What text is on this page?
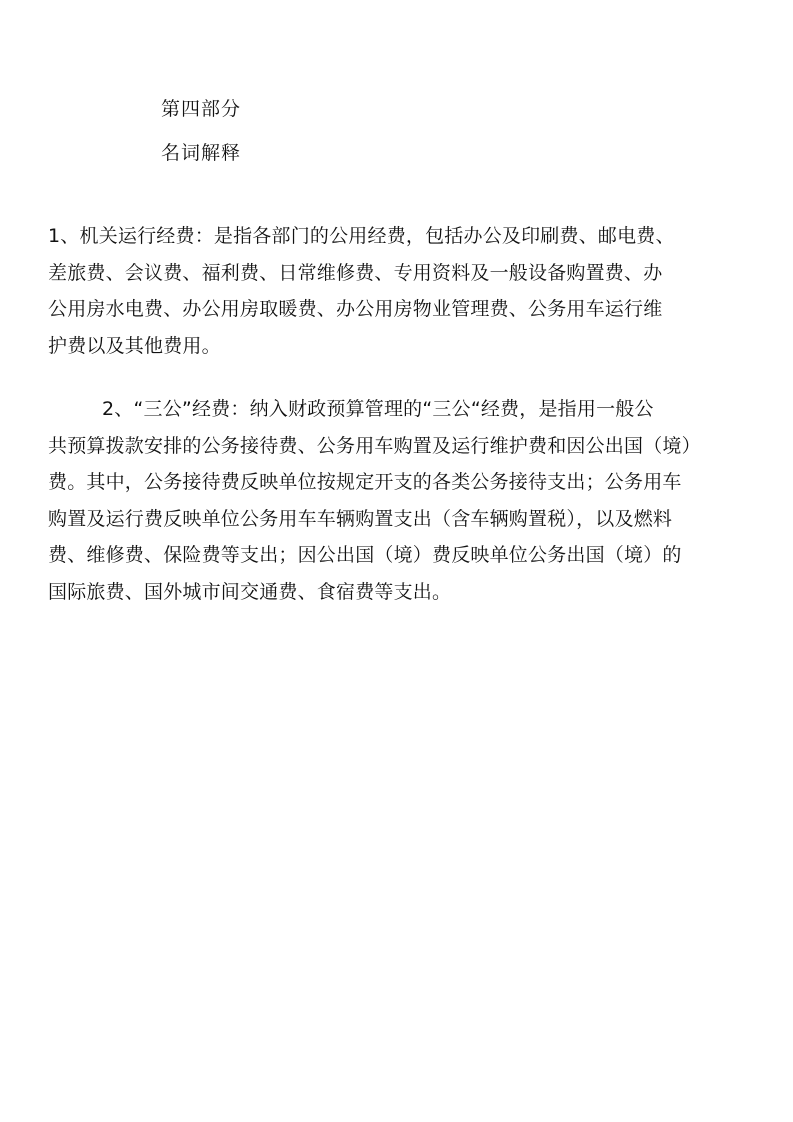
第四部分
名词解释

1、机关运行经费：是指各部门的公用经费，包括办公及印刷费、邮电费、
差旅费、会议费、福利费、日常维修费、专用资料及一般设备购置费、办
公用房水电费、办公用房取暖费、办公用房物业管理费、公务用车运行维
护费以及其他费用。

2、“三公”经费：纳入财政预算管理的“三公“经费，是指用一般公
共预算拨款安排的公务接待费、公务用车购置及运行维护费和因公出国（境）
费。其中，公务接待费反映单位按规定开支的各类公务接待支出；公务用车
购置及运行费反映单位公务用车车辆购置支出（含车辆购置税），以及燃料
费、维修费、保险费等支出；因公出国（境）费反映单位公务出国（境）的
国际旅费、国外城市间交通费、食宿费等支出。
